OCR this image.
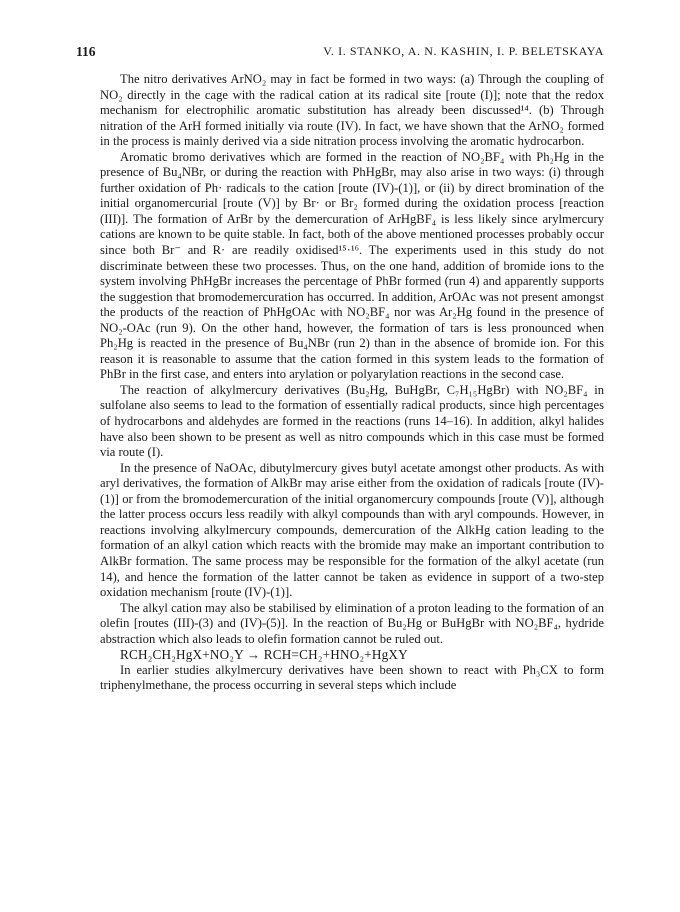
116	V. I. STANKO, A. N. KASHIN, I. P. BELETSKAYA

The nitro derivatives ArNO₂ may in fact be formed in two ways: (a) Through the coupling of NO₂ directly in the cage with the radical cation at its radical site [route (I)]; note that the redox mechanism for electrophilic aromatic substitution has already been discussed¹⁴. (b) Through nitration of the ArH formed initially via route (IV). In fact, we have shown that the ArNO₂ formed in the process is mainly derived via a side nitration process involving the aromatic hydrocarbon.

Aromatic bromo derivatives which are formed in the reaction of NO₂BF₄ with Ph₂Hg in the presence of Bu₄NBr, or during the reaction with PhHgBr, may also arise in two ways: (i) through further oxidation of Ph· radicals to the cation [route (IV)-(1)], or (ii) by direct bromination of the initial organomercurial [route (V)] by Br· or Br₂ formed during the oxidation process [reaction (III)]. The formation of ArBr by the demercuration of ArHgBF₄ is less likely since arylmercury cations are known to be quite stable. In fact, both of the above mentioned processes probably occur since both Br⁻ and R· are readily oxidised¹⁵·¹⁶. The experiments used in this study do not discriminate between these two processes. Thus, on the one hand, addition of bromide ions to the system involving PhHgBr increases the percentage of PhBr formed (run 4) and apparently supports the suggestion that bromodemercuration has occurred. In addition, ArOAc was not present amongst the products of the reaction of PhHgOAc with NO₂BF₄ nor was Ar₂Hg found in the presence of NO₂-OAc (run 9). On the other hand, however, the formation of tars is less pronounced when Ph₂Hg is reacted in the presence of Bu₄NBr (run 2) than in the absence of bromide ion. For this reason it is reasonable to assume that the cation formed in this system leads to the formation of PhBr in the first case, and enters into arylation or polyarylation reactions in the second case.

The reaction of alkylmercury derivatives (Bu₂Hg, BuHgBr, C₇H₁₅HgBr) with NO₂BF₄ in sulfolane also seems to lead to the formation of essentially radical products, since high percentages of hydrocarbons and aldehydes are formed in the reactions (runs 14–16). In addition, alkyl halides have also been shown to be present as well as nitro compounds which in this case must be formed via route (I).

In the presence of NaOAc, dibutylmercury gives butyl acetate amongst other products. As with aryl derivatives, the formation of AlkBr may arise either from the oxidation of radicals [route (IV)-(1)] or from the bromodemercuration of the initial organomercury compounds [route (V)], although the latter process occurs less readily with alkyl compounds than with aryl compounds. However, in reactions involving alkylmercury compounds, demercuration of the AlkHg cation leading to the formation of an alkyl cation which reacts with the bromide may make an important contribution to AlkBr formation. The same process may be responsible for the formation of the alkyl acetate (run 14), and hence the formation of the latter cannot be taken as evidence in support of a two-step oxidation mechanism [route (IV)-(1)].

The alkyl cation may also be stabilised by elimination of a proton leading to the formation of an olefin [routes (III)-(3) and (IV)-(5)]. In the reaction of Bu₂Hg or BuHgBr with NO₂BF₄, hydride abstraction which also leads to olefin formation cannot be ruled out.

RCH₂CH₂HgX+NO₂Y → RCH=CH₂+HNO₂+HgXY

In earlier studies alkylmercury derivatives have been shown to react with Ph₃CX to form triphenylmethane, the process occurring in several steps which include
